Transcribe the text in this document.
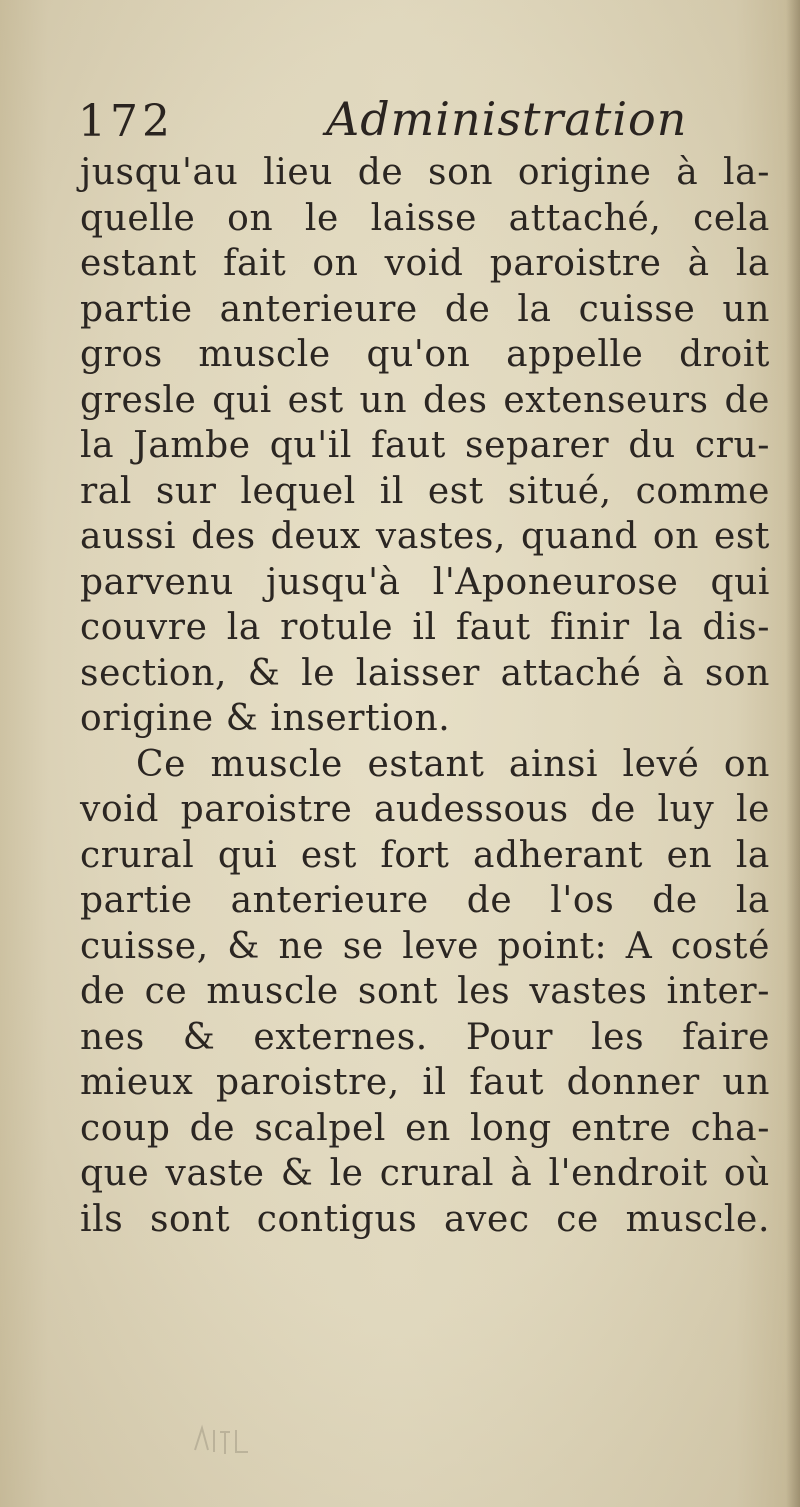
172	Administration
jusqu'au lieu de son origine à la-
quelle on le laisse attaché, cela
estant fait on void paroistre à la
partie anterieure de la cuisse un
gros muscle qu'on appelle droit
gresle qui est un des extenseurs de
la Jambe qu'il faut separer du cru-
ral sur lequel il est situé, comme
aussi des deux vastes, quand on est
parvenu jusqu'à l'Aponeurose qui
couvre la rotule il faut finir la dis-
section, & le laisser attaché à son
origine & insertion.
Ce muscle estant ainsi levé on
void paroistre audessous de luy le
crural qui est fort adherant en la
partie anterieure de l'os de la
cuisse, & ne se leve point: A costé
de ce muscle sont les vastes inter-
nes & externes. Pour les faire
mieux paroistre, il faut donner un
coup de scalpel en long entre cha-
que vaste & le crural à l'endroit où
ils sont contigus avec ce muscle.
